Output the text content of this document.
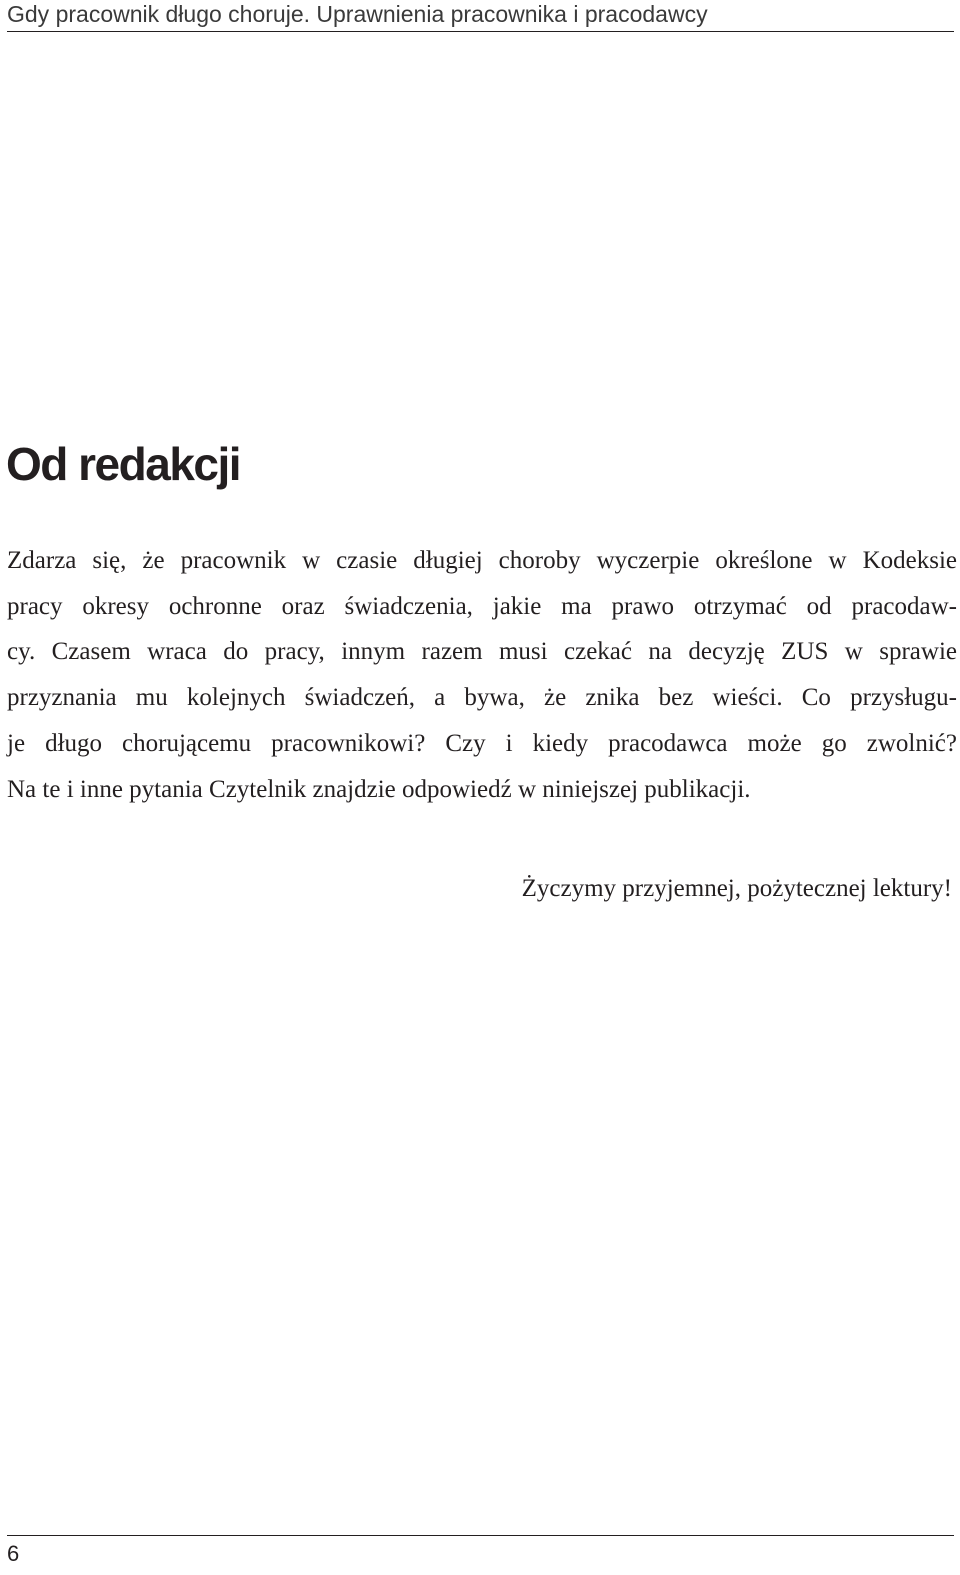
Gdy pracownik długo choruje. Uprawnienia pracownika i pracodawcy
Od redakcji
Zdarza się, że pracownik w czasie długiej choroby wyczerpie określone w Kodeksie
pracy okresy ochronne oraz świadczenia, jakie ma prawo otrzymać od pracodaw-
cy. Czasem wraca do pracy, innym razem musi czekać na decyzję ZUS w sprawie
przyznania mu kolejnych świadczeń, a bywa, że znika bez wieści. Co przysługu-
je długo chorującemu pracownikowi? Czy i kiedy pracodawca może go zwolnić?
Na te i inne pytania Czytelnik znajdzie odpowiedź w niniejszej publikacji.
Życzymy przyjemnej, pożytecznej lektury!
6
